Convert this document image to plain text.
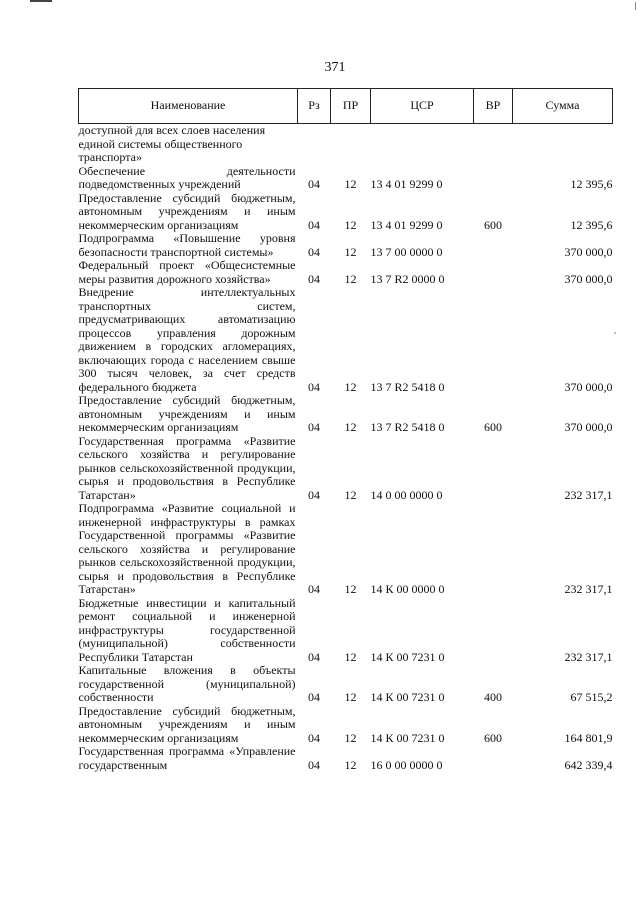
371
Наименование	Рз	ПР	ЦСР	ВР	Сумма
доступной для всех слоев населения единой системы общественного транспорта»					
Обеспечение деятельности подведомственных учреждений	04	12	13 4 01 9299 0		12 395,6
Предоставление субсидий бюджетным, автономным учреждениям и иным некоммерческим организациям	04	12	13 4 01 9299 0	600	12 395,6
Подпрограмма «Повышение уровня безопасности транспортной системы»	04	12	13 7 00 0000 0		370 000,0
Федеральный проект «Общесистемные меры развития дорожного хозяйства»	04	12	13 7 R2 0000 0		370 000,0
Внедрение интеллектуальных транспортных систем, предусматривающих автоматизацию процессов управления дорожным движением в городских агломерациях, включающих города с населением свыше 300 тысяч человек, за счет средств федерального бюджета	04	12	13 7 R2 5418 0		370 000,0
Предоставление субсидий бюджетным, автономным учреждениям и иным некоммерческим организациям	04	12	13 7 R2 5418 0	600	370 000,0
Государственная программа «Развитие сельского хозяйства и регулирование рынков сельскохозяйственной продукции, сырья и продовольствия в Республике Татарстан»	04	12	14 0 00 0000 0		232 317,1
Подпрограмма «Развитие социальной и инженерной инфраструктуры в рамках Государственной программы «Развитие сельского хозяйства и регулирование рынков сельскохозяйственной продукции, сырья и продовольствия в Республике Татарстан»	04	12	14 К 00 0000 0		232 317,1
Бюджетные инвестиции и капитальный ремонт социальной и инженерной инфраструктуры государственной (муниципальной) собственности Республики Татарстан	04	12	14 К 00 7231 0		232 317,1
Капитальные вложения в объекты государственной (муниципальной) собственности	04	12	14 К 00 7231 0	400	67 515,2
Предоставление субсидий бюджетным, автономным учреждениям и иным некоммерческим организациям	04	12	14 К 00 7231 0	600	164 801,9
Государственная программа «Управление государственным	04	12	16 0 00 0000 0		642 339,4
